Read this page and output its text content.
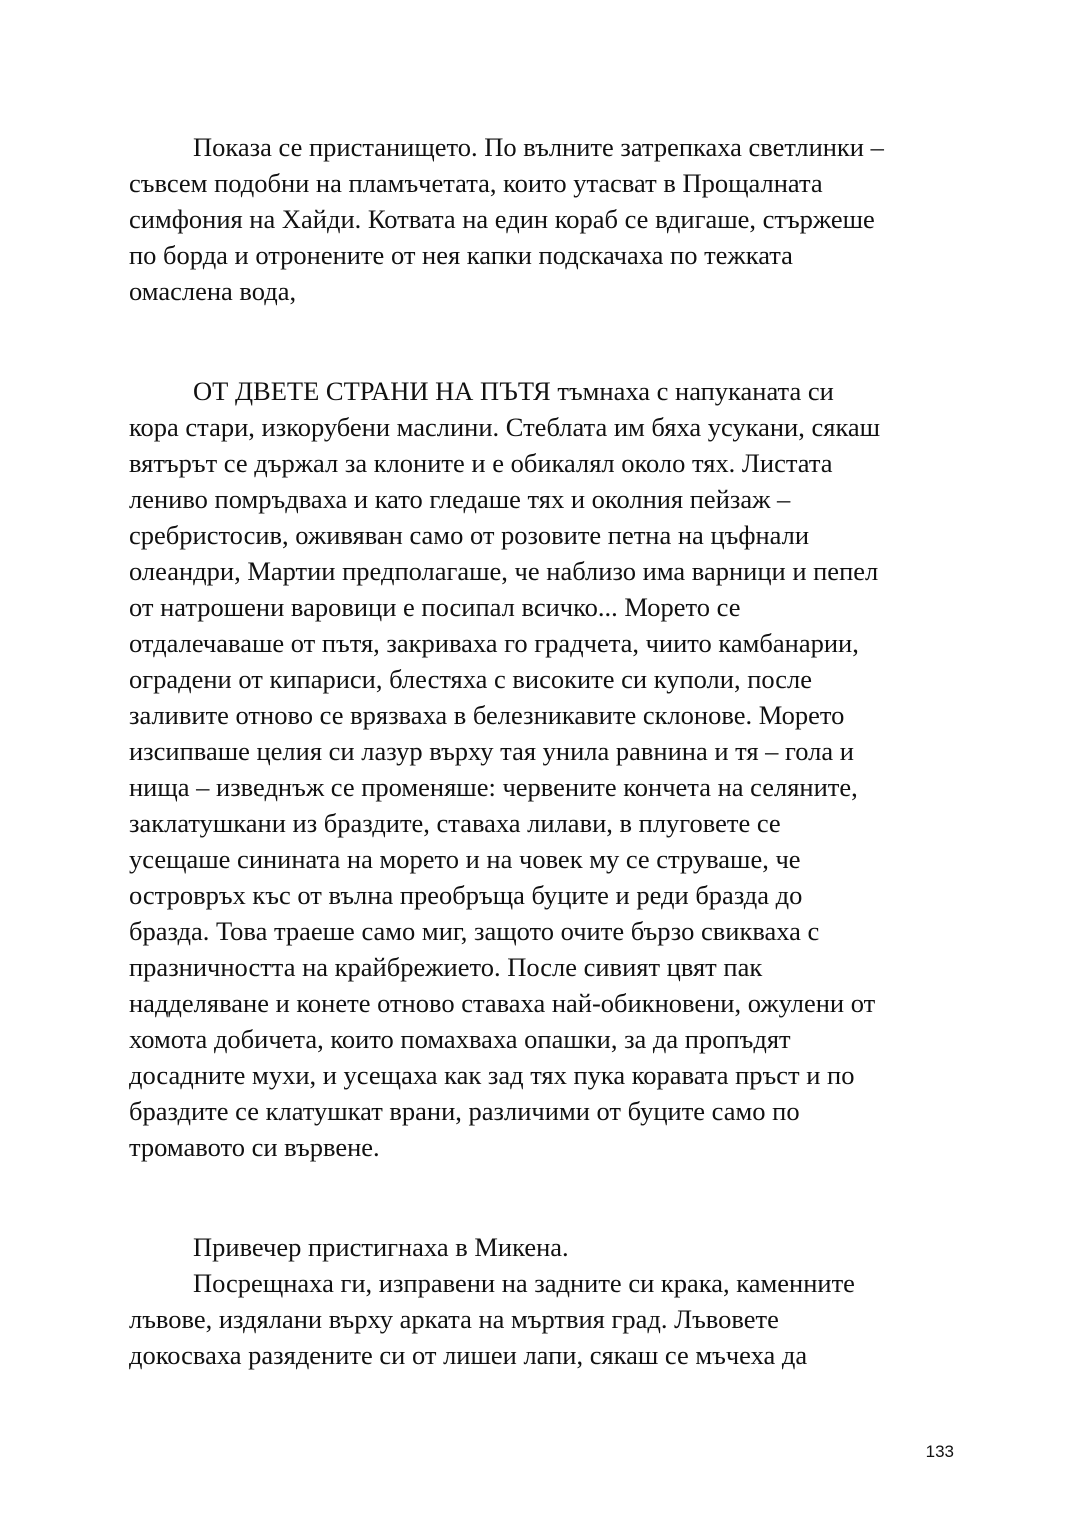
Показа се пристанището. По вълните затрепкаха светлинки –
съвсем подобни на пламъчетата, които утасват в Прощалната
симфония на Хайди. Котвата на един кораб се вдигаше, стържеше
по борда и отронените от нея капки подскачаха по тежката
омаслена вода,
ОТ ДВЕТЕ СТРАНИ НА ПЪТЯ тъмнаха с напуканата си
кора стари, изкорубени маслини. Стеблата им бяха усукани, сякаш
вятърът се държал за клоните и е обикалял около тях. Листата
лениво помръдваха и като гледаше тях и околния пейзаж –
сребристосив, оживяван само от розовите петна на цъфнали
олеандри, Мартии предполагаше, че наблизо има варници и пепел
от натрошени варовици е посипал всичко... Морето се
отдалечаваше от пътя, закриваха го градчета, чиито камбанарии,
оградени от кипариси, блестяха с високите си куполи, после
заливите отново се врязваха в белезникавите склонове. Морето
изсипваше целия си лазур върху тая унила равнина и тя – гола и
нища – изведнъж се променяше: червените кончета на селяните,
заклатушкани из браздите, ставаха лилави, в плуговете се
усещаше синината на морето и на човек му се струваше, че
островръх къс от вълна преобръща буците и реди бразда до
бразда. Това траеше само миг, защото очите бързо свикваха с
празничността на крайбрежието. После сивият цвят пак
надделяване и конете отново ставаха най-обикновени, ожулени от
хомота добичета, които помахваха опашки, за да пропъдят
досадните мухи, и усещаха как зад тях пука коравата пръст и по
браздите се клатушкат врани, различими от буците само по
тромавото си вървене.
Привечер пристигнаха в Микена.
Посрещнаха ги, изправени на задните си крака, каменните
лъвове, издялани върху арката на мъртвия град. Лъвовете
докосваха разядените си от лишеи лапи, сякаш се мъчеха да
133
